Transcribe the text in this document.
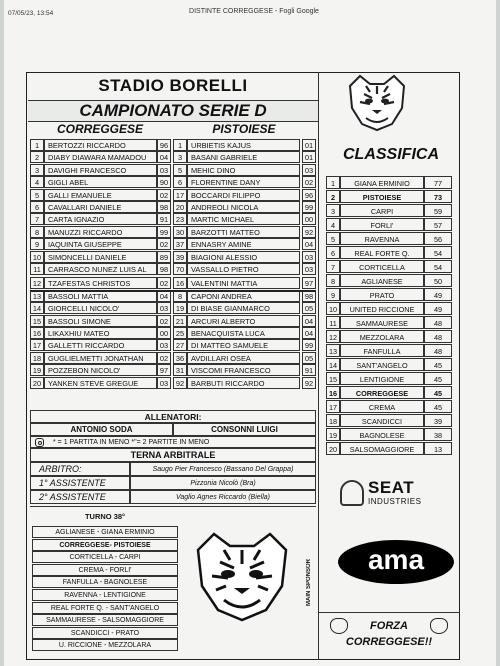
07/05/23, 13:54	DISTINTE CORREGGESE - Fogli Google
STADIO BORELLI
CAMPIONATO SERIE D
CORREGGESE	PISTOIESE
1	BERTOZZI RICCARDO	96	1	URBIETIS KAJUS	01
2	DIABY DIAWARA MAMADOU	04	3	BASANI GABRIELE	01
3	DAVIGHI FRANCESCO	03	5	MEHIC DINO	03
4	GIGLI ABEL	90	6	FLORENTINE DANY	02
5	GALLI EMANUELE	02	17 BOCCARDI FILIPPO	96
6	CAVALLARI DANIELE	98	20 ANDREOLI NICOLA	99
7	CARTA IGNAZIO	91	23 MARTIC MICHAEL	00
8	MANUZZI RICCARDO	99	30 BARZOTTI MATTEO	92
9	IAQUINTA GIUSEPPE	02	37 ENNASRY AMINE	04
10 SIMONCELLI DANIELE	89	39 BIAGIONI ALESSIO	03
11 CARRASCO NUNEZ LUIS AL	98	70 VASSALLO PIETRO	03
12 TZAFESTAS CHRISTOS	02	16 VALENTINI MATTIA	97
13 BASSOLI MATTIA	04	8	CAPONI ANDREA	98
14 GIORCELLI NICOLO'	03	19 DI BIASE GIANMARCO	05
15 BASSOLI SIMONE	02	21 ARCURI ALBERTO	04
16 LIKAXHIU MATEO	00	25 BENACQUISTA LUCA	04
17 GALLETTI RICCARDO	03	27 DI MATTEO SAMUELE	99
18 GUGLIELMETTI JONATHAN	02	36 AVDILLARI OSEA	05
19 POZZEBON NICOLO'	97	31 VISCOMI FRANCESCO	91
20 YANKEN STEVE GREGUE	03	92 BARBUTI RICCARDO	92
ALLENATORI:
ANTONIO SODA	CONSONNI LUIGI
* = 1 PARTITA IN MENO *"= 2 PARTITE IN MENO
TERNA ARBITRALE
ARBITRO:	Saugo Pier Francesco (Bassano Del Grappa)
1° ASSISTENTE	Pizzonia Nicolò (Bra)
2° ASSISTENTE	Vaglio Agnes Riccardo (Biella)
CLASSIFICA
1	GIANA ERMINIO	77
2	PISTOIESE	73
3	CARPI	59
4	FORLI'	57
5	RAVENNA	56
6	REAL FORTE Q.	54
7	CORTICELLA	54
8	AGLIANESE	50
9	PRATO	49
10	UNITED RICCIONE	49
11	SAMMAURESE	48
12	MEZZOLARA	48
13	FANFULLA	48
14	SANT'ANGELO	45
15	LENTIGIONE	45
16	CORREGGESE	45
17	CREMA	45
18	SCANDICCI	39
19	BAGNOLESE	38
20	SALSOMAGGIORE	13
TURNO 38°
AGLIANESE - GIANA ERMINIO
CORREGGESE- PISTOIESE
CORTICELLA - CARPI
CREMA - FORLI'
FANFULLA - BAGNOLESE
RAVENNA - LENTIGIONE
REAL FORTE Q. - SANT'ANGELO
SAMMAURESE - SALSOMAGGIORE
SCANDICCI - PRATO
U. RICCIONE - MEZZOLARA
MAIN SPONSOR
SEAT
INDUSTRIES
ama
FORZA
CORREGGESE!!
